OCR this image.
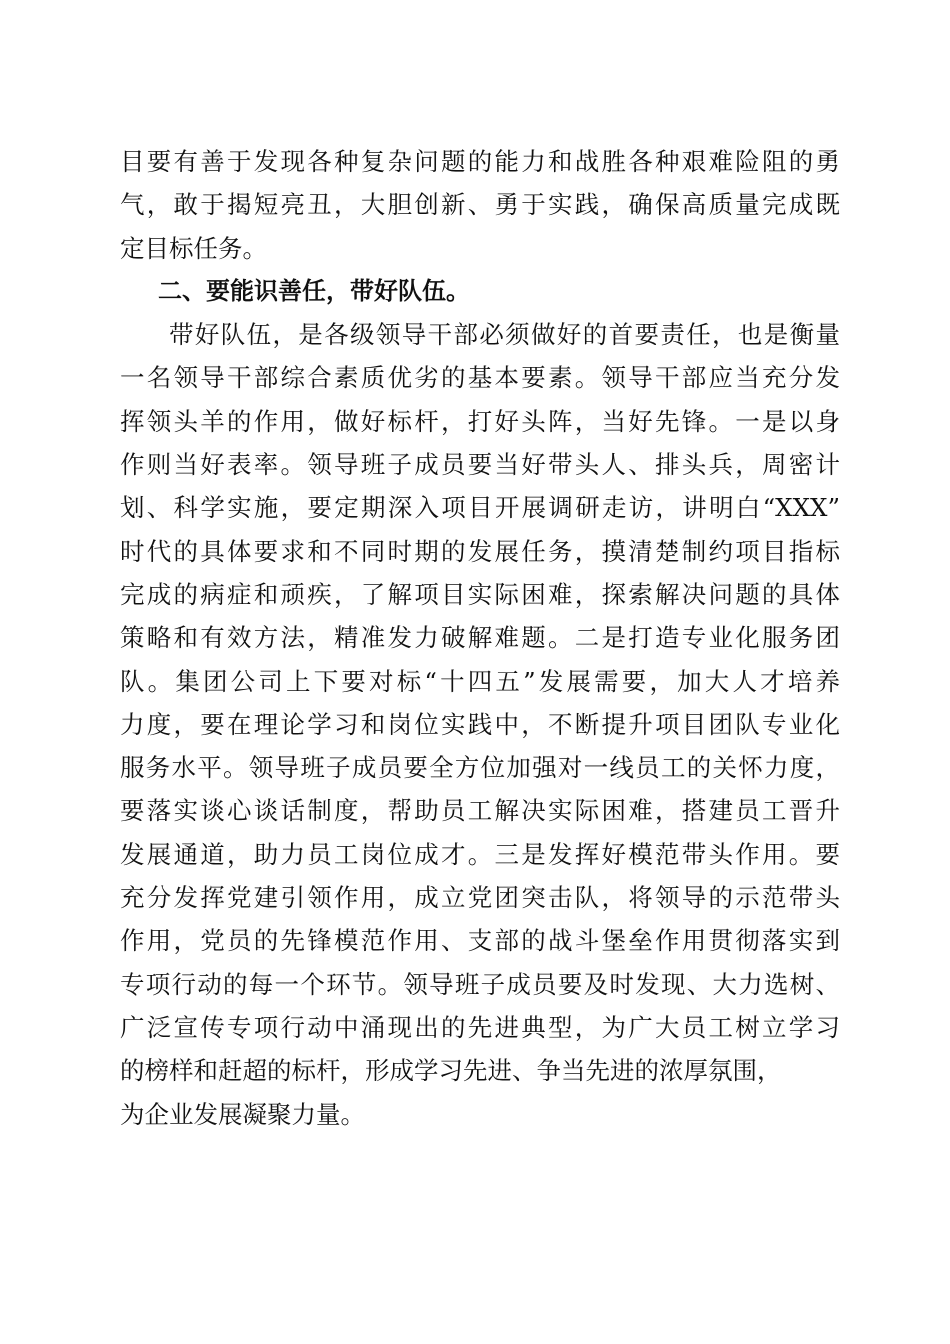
目要有善于发现各种复杂问题的能力和战胜各种艰难险阻的勇
气，敢于揭短亮丑，大胆创新、勇于实践，确保高质量完成既
定目标任务。
二、要能识善任，带好队伍。
带好队伍，是各级领导干部必须做好的首要责任，也是衡量
一名领导干部综合素质优劣的基本要素。领导干部应当充分发
挥领头羊的作用，做好标杆，打好头阵，当好先锋。一是以身
作则当好表率。领导班子成员要当好带头人、排头兵，周密计
划、科学实施，要定期深入项目开展调研走访，讲明白“XXX”
时代的具体要求和不同时期的发展任务，摸清楚制约项目指标
完成的病症和顽疾，了解项目实际困难，探索解决问题的具体
策略和有效方法，精准发力破解难题。二是打造专业化服务团
队。集团公司上下要对标“十四五”发展需要，加大人才培养
力度，要在理论学习和岗位实践中，不断提升项目团队专业化
服务水平。领导班子成员要全方位加强对一线员工的关怀力度，
要落实谈心谈话制度，帮助员工解决实际困难，搭建员工晋升
发展通道，助力员工岗位成才。三是发挥好模范带头作用。要
充分发挥党建引领作用，成立党团突击队，将领导的示范带头
作用，党员的先锋模范作用、支部的战斗堡垒作用贯彻落实到
专项行动的每一个环节。领导班子成员要及时发现、大力选树、
广泛宣传专项行动中涌现出的先进典型，为广大员工树立学习
的榜样和赶超的标杆，形成学习先进、争当先进的浓厚氛围，
为企业发展凝聚力量。
